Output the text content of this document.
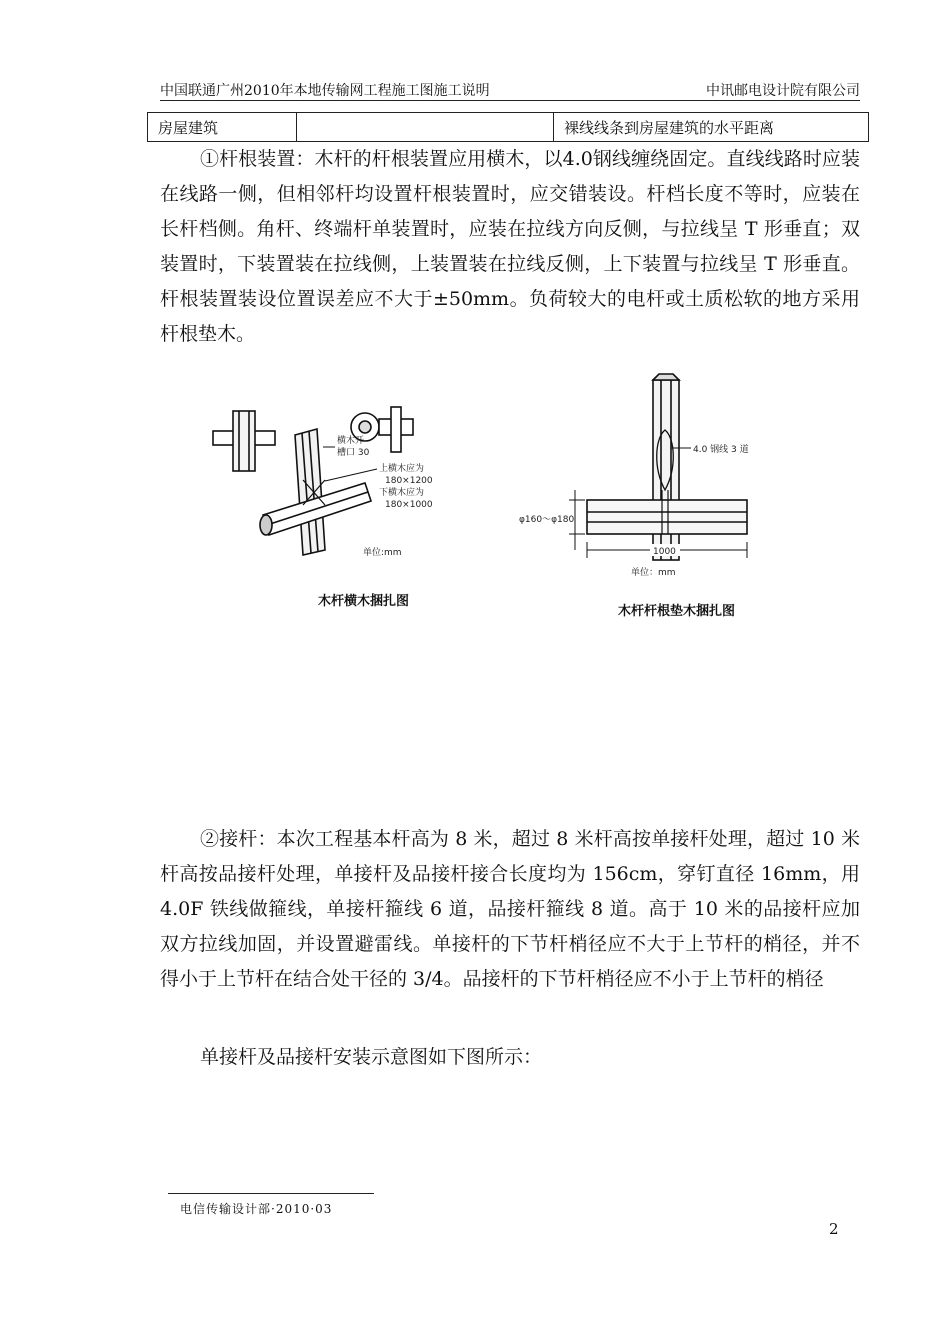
中国联通广州2010年本地传输网工程施工图施工说明	中讯邮电设计院有限公司
房屋建筑		裸线线条到房屋建筑的水平距离

①杆根装置：木杆的杆根装置应用横木，以4.0钢线缠绕固定。直线线路时应装在线路一侧，但相邻杆均设置杆根装置时，应交错装设。杆档长度不等时，应装在长杆档侧。角杆、终端杆单装置时，应装在拉线方向反侧，与拉线呈 T 形垂直；双装置时，下装置装在拉线侧，上装置装在拉线反侧，上下装置与拉线呈 T 形垂直。杆根装置装设位置误差应不大于±50mm。负荷较大的电杆或土质松软的地方采用杆根垫木。

横木开
槽口 30
上横木应为
180×1200
下横木应为
180×1000
单位:mm
木杆横木捆扎图
4.0 钢线 3 道
φ160～φ180
1000
单位：mm
木杆杆根垫木捆扎图

②接杆：本次工程基本杆高为 8 米，超过 8 米杆高按单接杆处理，超过 10 米杆高按品接杆处理，单接杆及品接杆接合长度均为 156cm，穿钉直径 16mm，用 4.0F 铁线做箍线，单接杆箍线 6 道，品接杆箍线 8 道。高于 10 米的品接杆应加双方拉线加固，并设置避雷线。单接杆的下节杆梢径应不大于上节杆的梢径，并不得小于上节杆在结合处干径的 3/4。品接杆的下节杆梢径应不小于上节杆的梢径

单接杆及品接杆安装示意图如下图所示：

电信传输设计部·2010·03
2
